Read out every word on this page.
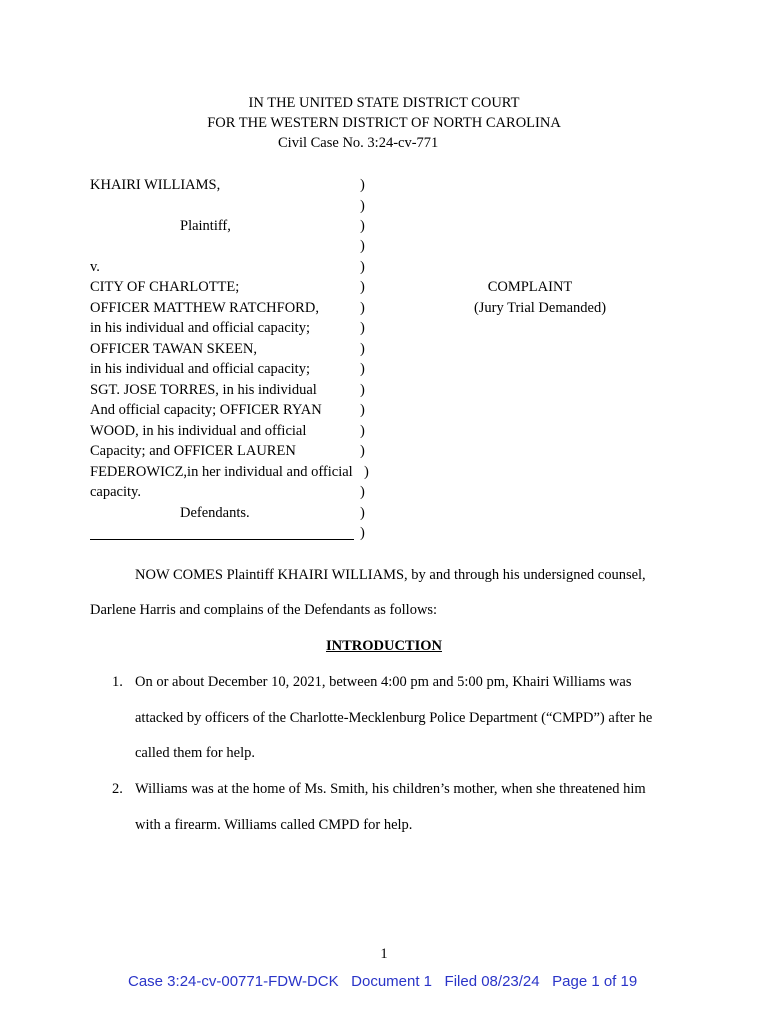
IN THE UNITED STATE DISTRICT COURT
FOR THE WESTERN DISTRICT OF NORTH CAROLINA
Civil Case No. 3:24-cv-771
KHAIRI WILLIAMS,
Plaintiff,
v.
CITY OF CHARLOTTE;
OFFICER MATTHEW RATCHFORD,
in his individual and official capacity;
OFFICER TAWAN SKEEN,
in his individual and official capacity;
SGT. JOSE TORRES, in his individual
And official capacity; OFFICER RYAN
WOOD, in his individual and official
Capacity; and OFFICER LAUREN
FEDEROWICZ,in her individual and official
capacity.
Defendants.
)
)
)
)
)
)
)
)
)
)
)
)
)
)
)
)
)
)
COMPLAINT
(Jury Trial Demanded)
NOW COMES Plaintiff KHAIRI WILLIAMS, by and through his undersigned counsel,
Darlene Harris and complains of the Defendants as follows:
INTRODUCTION
1. On or about December 10, 2021, between 4:00 pm and 5:00 pm, Khairi Williams was
attacked by officers of the Charlotte-Mecklenburg Police Department (“CMPD”) after he
called them for help.
2. Williams was at the home of Ms. Smith, his children’s mother, when she threatened him
with a firearm. Williams called CMPD for help.
1
Case 3:24-cv-00771-FDW-DCK Document 1 Filed 08/23/24 Page 1 of 19
